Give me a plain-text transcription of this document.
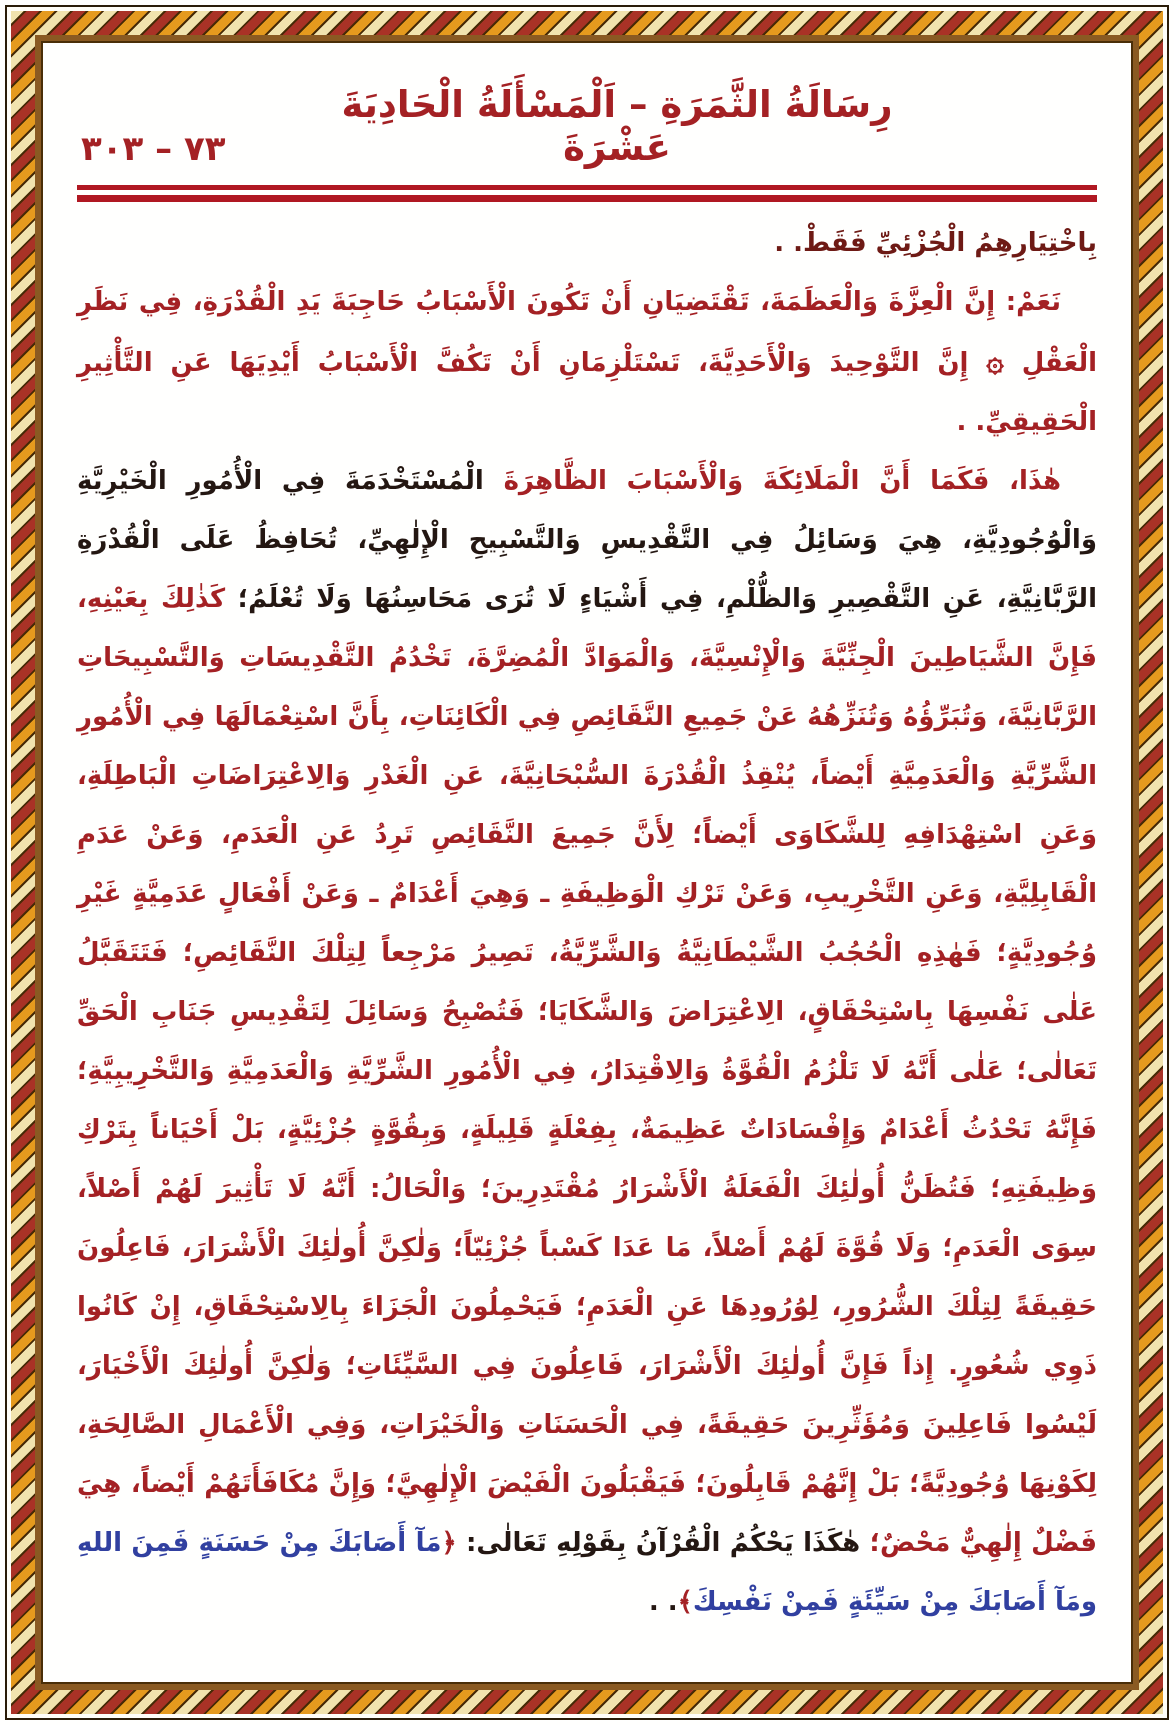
رِسَالَةُ الثَّمَرَةِ – اَلْمَسْأَلَةُ الْحَادِيَةَ عَشْرَةَ
٧٣ – ٣٠٣

بِاخْتِيَارِهِمُ الْجُزْئِيِّ فَقَطْ. .

نَعَمْ: إِنَّ الْعِزَّةَ وَالْعَظَمَةَ، تَقْتَضِيَانِ أَنْ تَكُونَ الْأَسْبَابُ حَاجِبَةَ يَدِ الْقُدْرَةِ، فِي نَظَرِ الْعَقْلِ ۞ إِنَّ التَّوْحِيدَ وَالْأَحَدِيَّةَ، تَسْتَلْزِمَانِ أَنْ تَكُفَّ الْأَسْبَابُ أَيْدِيَهَا عَنِ التَّأْثِيرِ الْحَقِيقِيِّ. .

هٰذَا، فَكَمَا أَنَّ الْمَلَائِكَةَ وَالْأَسْبَابَ الظَّاهِرَةَ الْمُسْتَخْدَمَةَ فِي الْأُمُورِ الْخَيْرِيَّةِ وَالْوُجُودِيَّةِ، هِيَ وَسَائِلُ فِي التَّقْدِيسِ وَالتَّسْبِيحِ الْإِلٰهِيِّ، تُحَافِظُ عَلَى الْقُدْرَةِ الرَّبَّانِيَّةِ، عَنِ التَّقْصِيرِ وَالظُّلْمِ، فِي أَشْيَاءٍ لَا تُرَى مَحَاسِنُهَا وَلَا تُعْلَمُ؛ كَذٰلِكَ بِعَيْنِهِ، فَإِنَّ الشَّيَاطِينَ الْجِنِّيَّةَ وَالْإِنْسِيَّةَ، وَالْمَوَادَّ الْمُضِرَّةَ، تَخْدُمُ التَّقْدِيسَاتِ وَالتَّسْبِيحَاتِ الرَّبَّانِيَّةَ، وَتُبَرِّؤُهُ وَتُنَزِّهُهُ عَنْ جَمِيعِ النَّقَائِصِ فِي الْكَائِنَاتِ، بِأَنَّ اسْتِعْمَالَهَا فِي الْأُمُورِ الشَّرِّيَّةِ وَالْعَدَمِيَّةِ أَيْضاً، يُنْقِذُ الْقُدْرَةَ السُّبْحَانِيَّةَ، عَنِ الْغَدْرِ وَالِاعْتِرَاضَاتِ الْبَاطِلَةِ، وَعَنِ اسْتِهْدَافِهِ لِلشَّكَاوَى أَيْضاً؛ لِأَنَّ جَمِيعَ النَّقَائِصِ تَرِدُ عَنِ الْعَدَمِ، وَعَنْ عَدَمِ الْقَابِلِيَّةِ، وَعَنِ التَّخْرِيبِ، وَعَنْ تَرْكِ الْوَظِيفَةِ ـ وَهِيَ أَعْدَامٌ ـ وَعَنْ أَفْعَالٍ عَدَمِيَّةٍ غَيْرِ وُجُودِيَّةٍ؛ فَهٰذِهِ الْحُجُبُ الشَّيْطَانِيَّةُ وَالشَّرِّيَّةُ، تَصِيرُ مَرْجِعاً لِتِلْكَ النَّقَائِصِ؛ فَتَتَقَبَّلُ عَلٰى نَفْسِهَا بِاسْتِحْقَاقٍ، الِاعْتِرَاضَ وَالشَّكَايَا؛ فَتُصْبِحُ وَسَائِلَ لِتَقْدِيسِ جَنَابِ الْحَقِّ تَعَالٰى؛ عَلٰى أَنَّهُ لَا تَلْزُمُ الْقُوَّةُ وَالِاقْتِدَارُ، فِي الْأُمُورِ الشَّرِّيَّةِ وَالْعَدَمِيَّةِ وَالتَّخْرِيبِيَّةِ؛ فَإِنَّهُ تَحْدُثُ أَعْدَامٌ وَإِفْسَادَاتٌ عَظِيمَةٌ، بِفِعْلَةٍ قَلِيلَةٍ، وَبِقُوَّةٍ جُزْئِيَّةٍ، بَلْ أَحْيَاناً بِتَرْكِ وَظِيفَتِهِ؛ فَتُظَنُّ أُولٰئِكَ الْفَعَلَةُ الْأَشْرَارُ مُقْتَدِرِينَ؛ وَالْحَالُ: أَنَّهُ لَا تَأْثِيرَ لَهُمْ أَصْلاً، سِوَى الْعَدَمِ؛ وَلَا قُوَّةَ لَهُمْ أَصْلاً، مَا عَدَا كَسْباً جُزْئِيّاً؛ وَلٰكِنَّ أُولٰئِكَ الْأَشْرَارَ، فَاعِلُونَ حَقِيقَةً لِتِلْكَ الشُّرُورِ، لِوُرُودِهَا عَنِ الْعَدَمِ؛ فَيَحْمِلُونَ الْجَزَاءَ بِالِاسْتِحْقَاقِ، إِنْ كَانُوا ذَوِي شُعُورٍ. إِذاً فَإِنَّ أُولٰئِكَ الْأَشْرَارَ، فَاعِلُونَ فِي السَّيِّئَاتِ؛ وَلٰكِنَّ أُولٰئِكَ الْأَخْيَارَ، لَيْسُوا فَاعِلِينَ وَمُؤَثِّرِينَ حَقِيقَةً، فِي الْحَسَنَاتِ وَالْخَيْرَاتِ، وَفِي الْأَعْمَالِ الصَّالِحَةِ، لِكَوْنِهَا وُجُودِيَّةً؛ بَلْ إِنَّهُمْ قَابِلُونَ؛ فَيَقْبَلُونَ الْفَيْضَ الْإِلٰهِيَّ؛ وَإِنَّ مُكَافَأَتَهُمْ أَيْضاً، هِيَ فَضْلٌ إِلٰهِيٌّ مَحْضٌ؛ هٰكَذَا يَحْكُمُ الْقُرْآنُ بِقَوْلِهِ تَعَالٰى: ﴿مَآ أَصَابَكَ مِنْ حَسَنَةٍ فَمِنَ اللهِ ومَآ أَصَابَكَ مِنْ سَيِّئَةٍ فَمِنْ نَفْسِكَ﴾. .
